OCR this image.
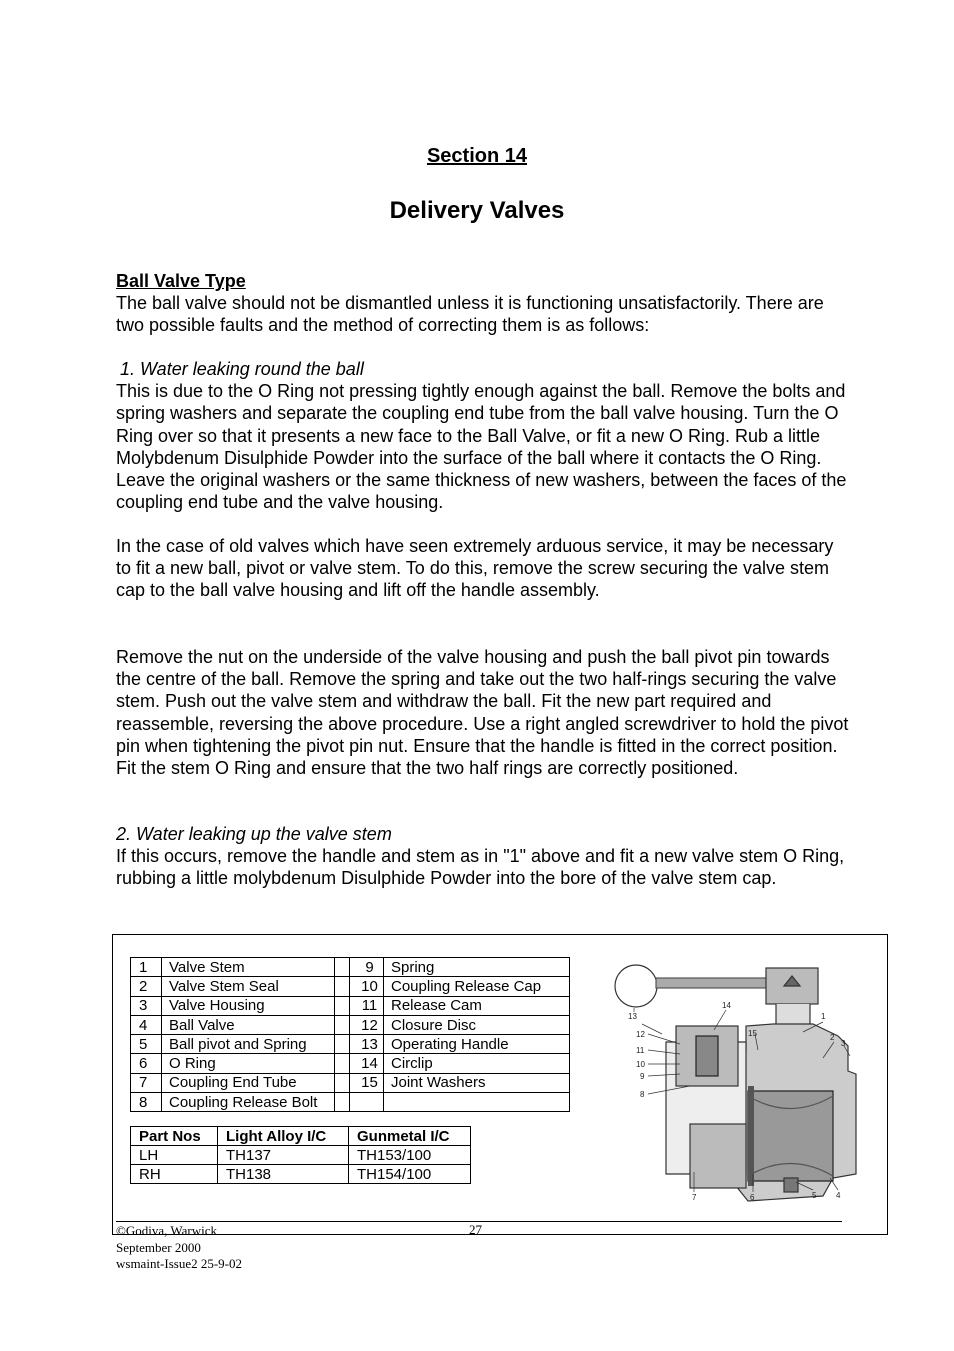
Section 14
Delivery Valves
Ball Valve Type

The ball valve should not be dismantled unless it is functioning unsatisfactorily. There are two possible faults and the method of correcting them is as follows:

1. Water leaking round the ball

This is due to the O Ring not pressing tightly enough against the ball. Remove the bolts and spring washers and separate the coupling end tube from the ball valve housing. Turn the O Ring over so that it presents a new face to the Ball Valve, or fit a new O Ring. Rub a little Molybdenum Disulphide Powder into the surface of the ball where it contacts the O Ring. Leave the original washers or the same thickness of new washers, between the faces of the coupling end tube and the valve housing.

In the case of old valves which have seen extremely arduous service, it may be necessary to fit a new ball, pivot or valve stem. To do this, remove the screw securing the valve stem cap to the ball valve housing and lift off the handle assembly.

Remove the nut on the underside of the valve housing and push the ball pivot pin towards the centre of the ball. Remove the spring and take out the two half-rings securing the valve stem. Push out the valve stem and withdraw the ball. Fit the new part required and reassemble, reversing the above procedure. Use a right angled screwdriver to hold the pivot pin when tightening the pivot pin nut. Ensure that the handle is fitted in the correct position. Fit the stem O Ring and ensure that the two half rings are correctly positioned.

2. Water leaking up the valve stem

If this occurs, remove the handle and stem as in "1" above and fit a new valve stem O Ring, rubbing a little molybdenum Disulphide Powder into the bore of the valve stem cap.

1	Valve Stem		9	Spring
2	Valve Stem Seal		10	Coupling Release Cap
3	Valve Housing		11	Release Cam
4	Ball Valve		12	Closure Disc
5	Ball pivot and Spring		13	Operating Handle
6	O Ring		14	Circlip
7	Coupling End Tube		15	Joint Washers
8	Coupling Release Bolt			
Part Nos	Light Alloy I/C	Gunmetal I/C
LH	TH137	TH153/100
RH	TH138	TH154/100
1
2
3
4
5
6
7
8
9
10
11
12
13
14
15
©Godiva, Warwick	27
September 2000
wsmaint-Issue2 25-9-02
